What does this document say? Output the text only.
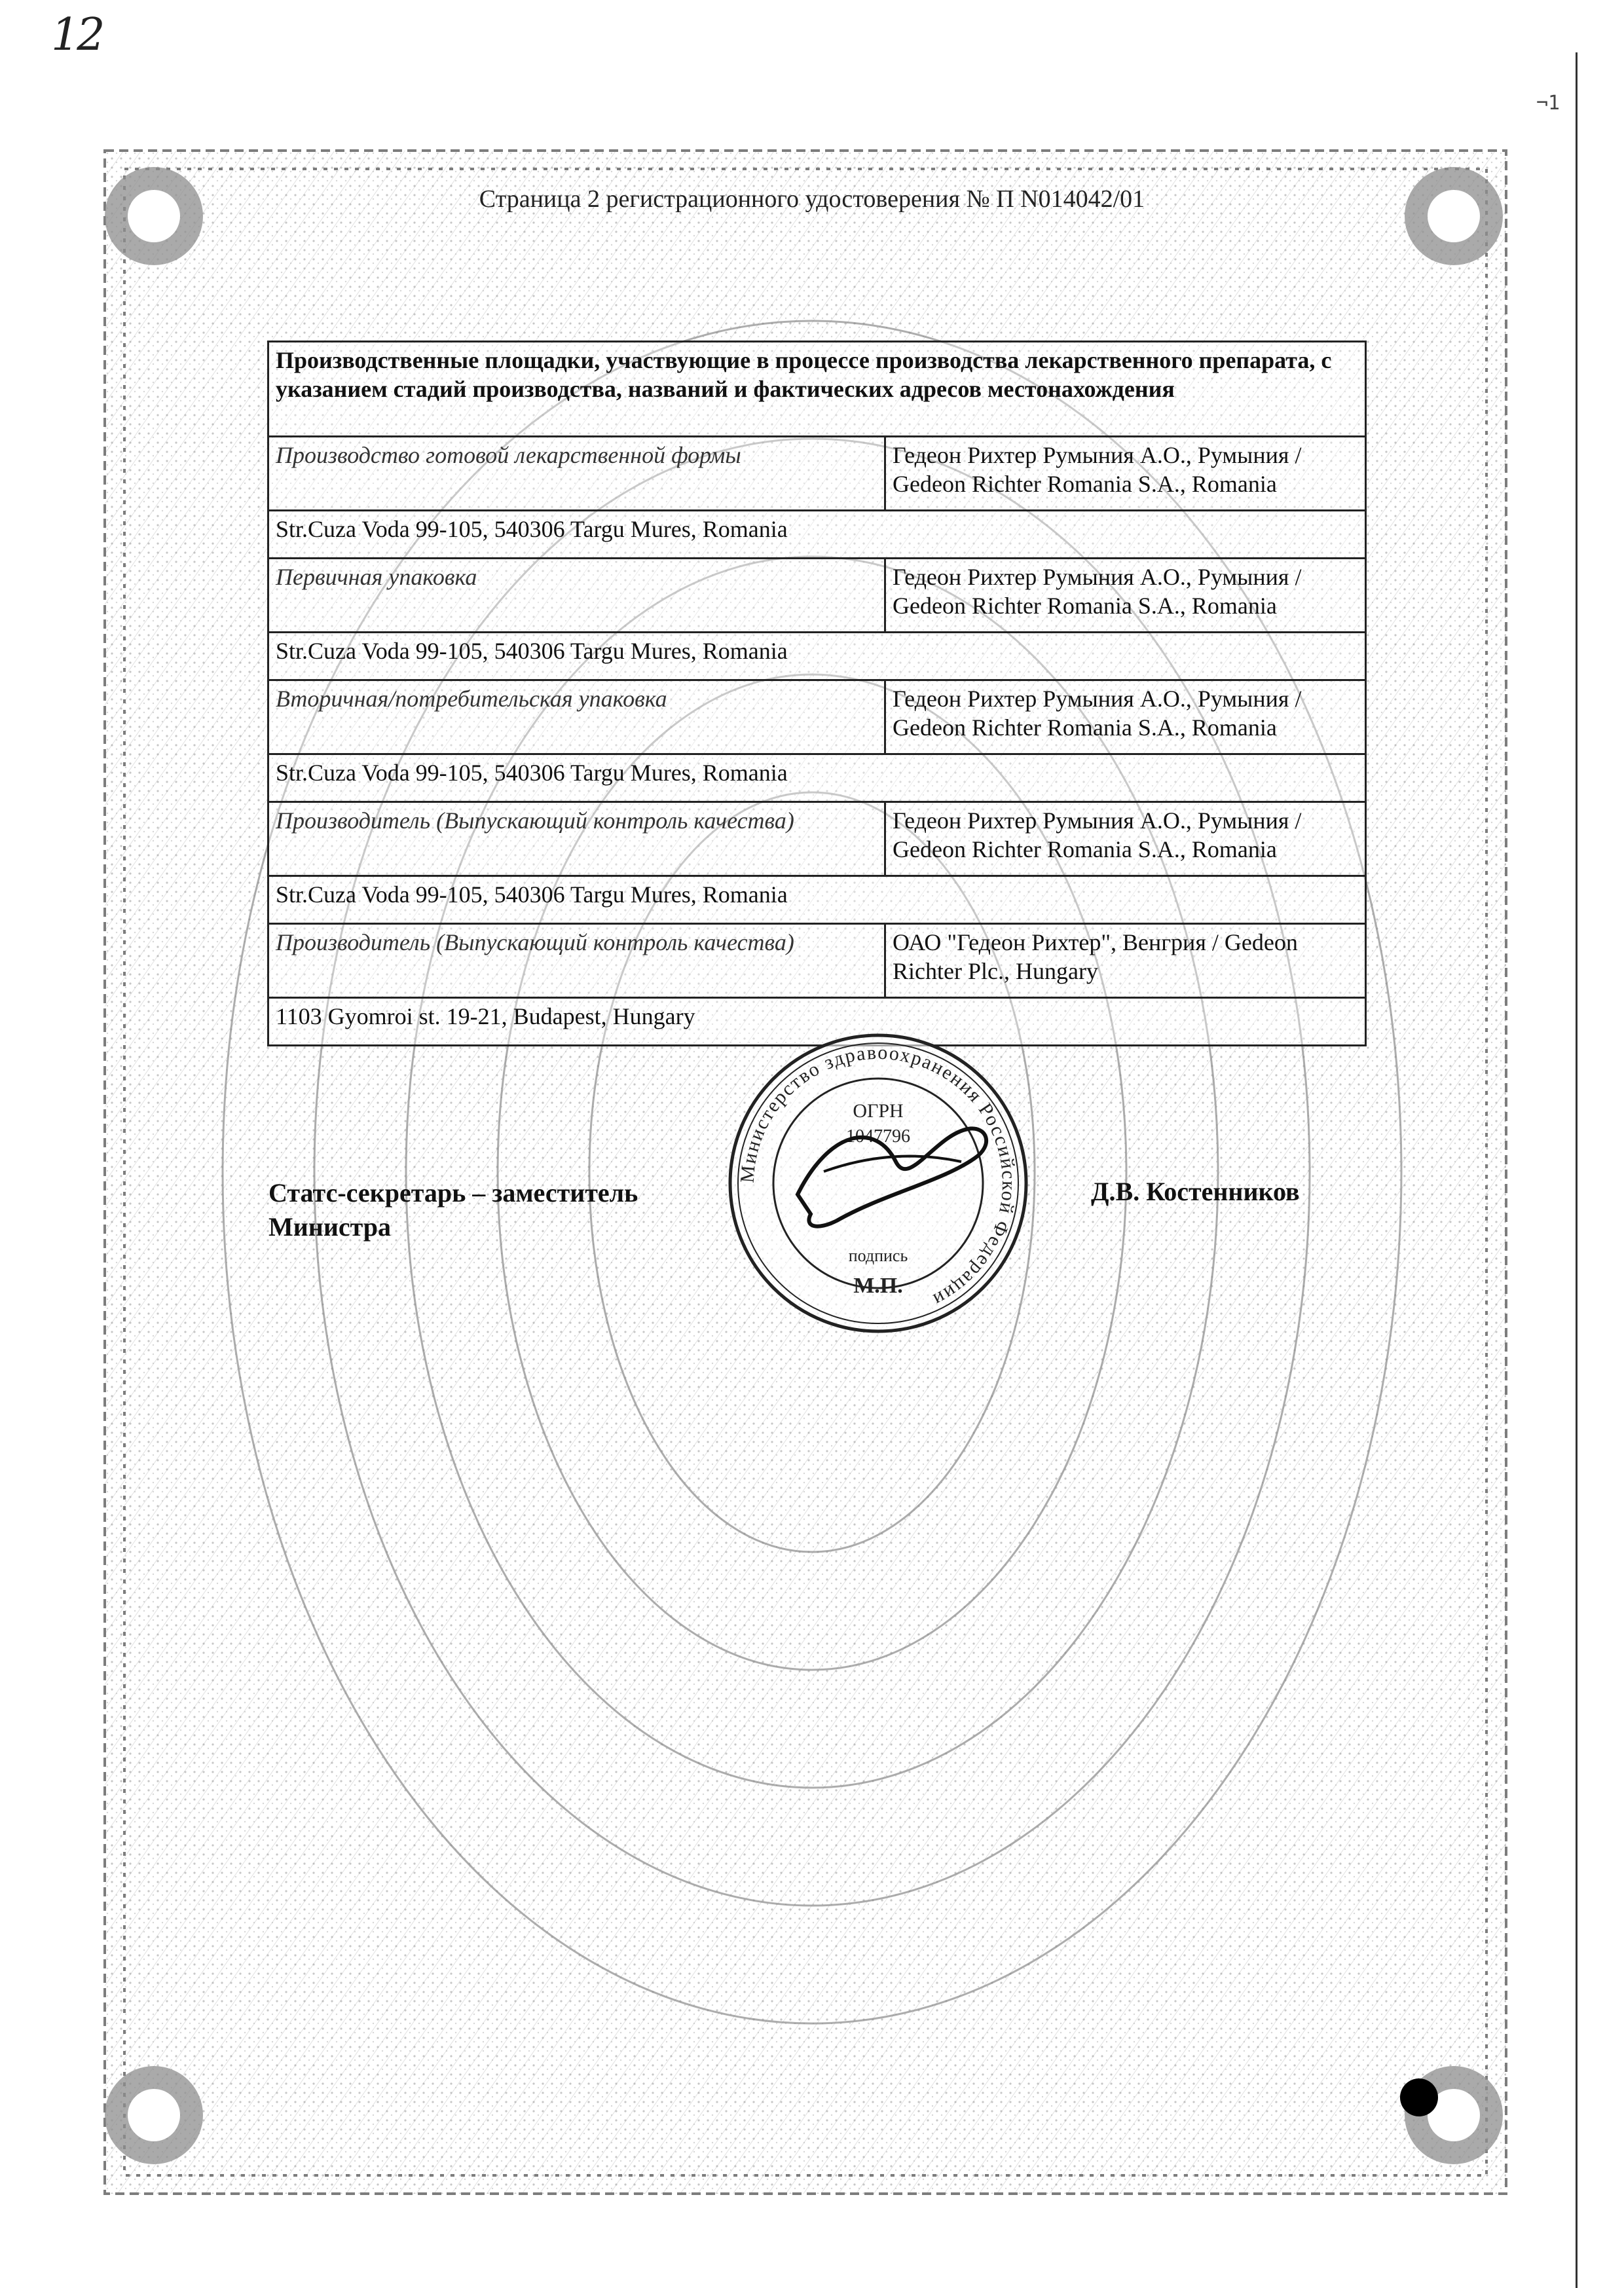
12
¬1
Страница 2 регистрационного удостоверения № П N014042/01
Производственные площадки, участвующие в процессе производства лекарственного препарата, с указанием стадий производства, названий и фактических адресов местонахождения	
Производство готовой лекарственной формы	Гедеон Рихтер Румыния А.О., Румыния / Gedeon Richter Romania S.A., Romania
Str.Cuza Voda 99-105, 540306 Targu Mures, Romania	
Первичная упаковка	Гедеон Рихтер Румыния А.О., Румыния / Gedeon Richter Romania S.A., Romania
Str.Cuza Voda 99-105, 540306 Targu Mures, Romania	
Вторичная/потребительская упаковка	Гедеон Рихтер Румыния А.О., Румыния / Gedeon Richter Romania S.A., Romania
Str.Cuza Voda 99-105, 540306 Targu Mures, Romania	
Производитель (Выпускающий контроль качества)	Гедеон Рихтер Румыния А.О., Румыния / Gedeon Richter Romania S.A., Romania
Str.Cuza Voda 99-105, 540306 Targu Mures, Romania	
Производитель (Выпускающий контроль качества)	ОАО "Гедеон Рихтер", Венгрия / Gedeon Richter Plc., Hungary
1103 Gyomroi st. 19-21, Budapest, Hungary	
Статс-секретарь – заместитель
Министра
Д.В. Костенников
Министерство здравоохранения Российской Федерации
ОГРН
1047796
подпись
М.П.
